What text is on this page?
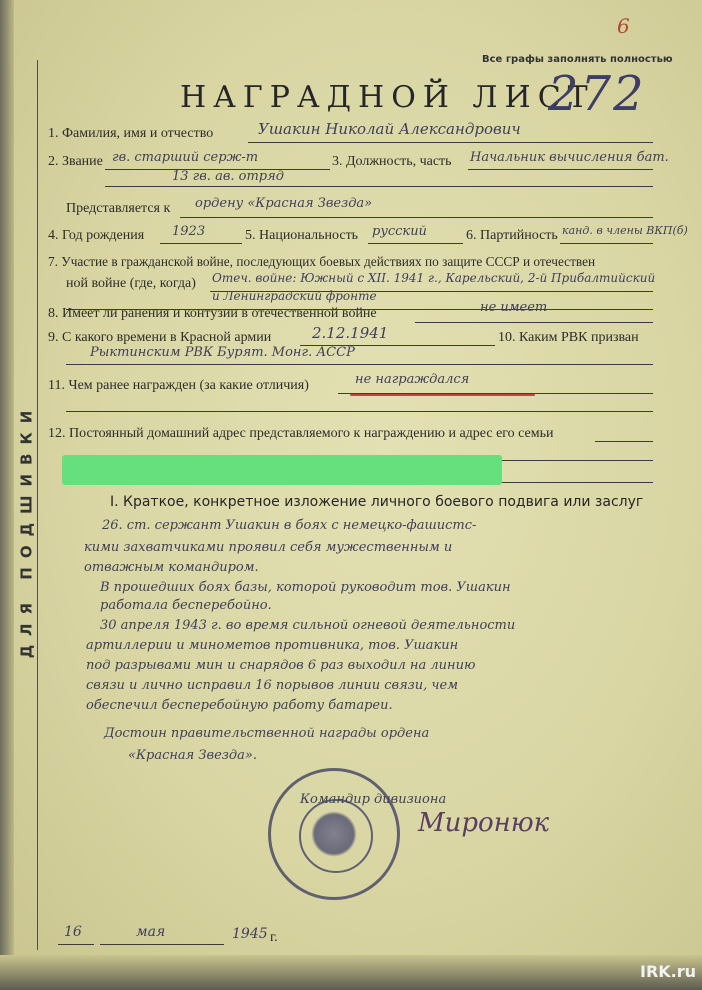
ДЛЯ ПОДШИВКИ
6
Все графы заполнять полностью
НАГРАДНОЙ ЛИСТ
272
1. Фамилия, имя и отчество	Ушакин Николай Александрович
2. Звание гв. старший серж-т	3. Должность, часть Начальник вычисления бат.
13 гв. ав. отряд
Представляется к ордену «Красная Звезда»
4. Год рождения 1923	5. Национальность русский	6. Партийность канд. в члены ВКП(б)
7. Участие в гражданской войне, последующих боевых действиях по защите СССР и отечествен
ной войне (где, когда) Отеч. войне: Южный с XII. 1941 г., Карельский, 2-й Прибалтийский
и Ленинградский фронте
8. Имеет ли ранения и контузии в отечественной войне	не имеет
9. С какого времени в Красной армии	2.12.1941	10. Каким РВК призван
Рыктинским РВК Бурят. Монг. АССР
11. Чем ранее награжден (за какие отличия)	не награждался
12. Постоянный домашний адрес представляемого к награждению и адрес его семьи
I. Краткое, конкретное изложение личного боевого подвига или заслуг
26. ст. сержант Ушакин в боях с немецко-фашистс-
кими захватчиками проявил себя мужественным и
отважным командиром.
В прошедших боях базы, которой руководит тов. Ушакин
работала бесперебойно.
30 апреля 1943 г. во время сильной огневой деятельности
артиллерии и минометов противника, тов. Ушакин
под разрывами мин и снарядов 6 раз выходил на линию
связи и лично исправил 16 порывов линии связи, чем
обеспечил бесперебойную работу батареи.
Достоин правительственной награды ордена
«Красная Звезда».
Командир дивизиона
Миронюк
16	мая	1945 г.
IRK.ru
